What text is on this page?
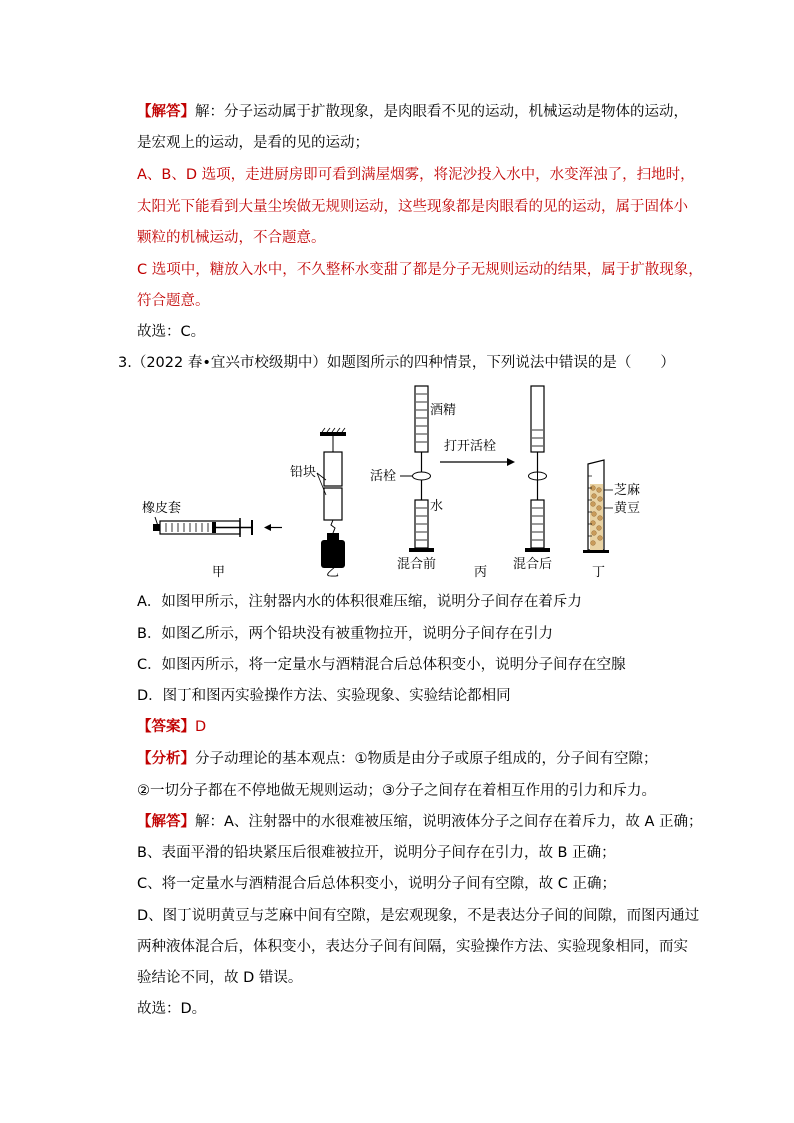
【解答】解：分子运动属于扩散现象，是肉眼看不见的运动，机械运动是物体的运动，
是宏观上的运动，是看的见的运动；
A、B、D 选项，走进厨房即可看到满屋烟雾，将泥沙投入水中，水变浑浊了，扫地时，
太阳光下能看到大量尘埃做无规则运动，这些现象都是肉眼看的见的运动，属于固体小
颗粒的机械运动，不合题意。
C 选项中，糖放入水中，不久整杯水变甜了都是分子无规则运动的结果，属于扩散现象，
符合题意。
故选：C。
3.（2022 春•宜兴市校级期中）如题图所示的四种情景，下列说法中错误的是（　　）
橡皮套
甲
铅块
乙
酒精
活栓
水
混合前
打开活栓
混合后
丙
芝麻
黄豆
丁
A．如图甲所示，注射器内水的体积很难压缩，说明分子间存在着斥力
B．如图乙所示，两个铅块没有被重物拉开，说明分子间存在引力
C．如图丙所示，将一定量水与酒精混合后总体积变小，说明分子间存在空腺
D．图丁和图丙实验操作方法、实验现象、实验结论都相同
【答案】D
【分析】分子动理论的基本观点：①物质是由分子或原子组成的，分子间有空隙；
②一切分子都在不停地做无规则运动；③分子之间存在着相互作用的引力和斥力。
【解答】解：A、注射器中的水很难被压缩，说明液体分子之间存在着斥力，故 A 正确；
B、表面平滑的铅块紧压后很难被拉开，说明分子间存在引力，故 B 正确；
C、将一定量水与酒精混合后总体积变小，说明分子间有空隙，故 C 正确；
D、图丁说明黄豆与芝麻中间有空隙，是宏观现象，不是表达分子间的间隙，而图丙通过
两种液体混合后，体积变小，表达分子间有间隔，实验操作方法、实验现象相同，而实
验结论不同，故 D 错误。
故选：D。
